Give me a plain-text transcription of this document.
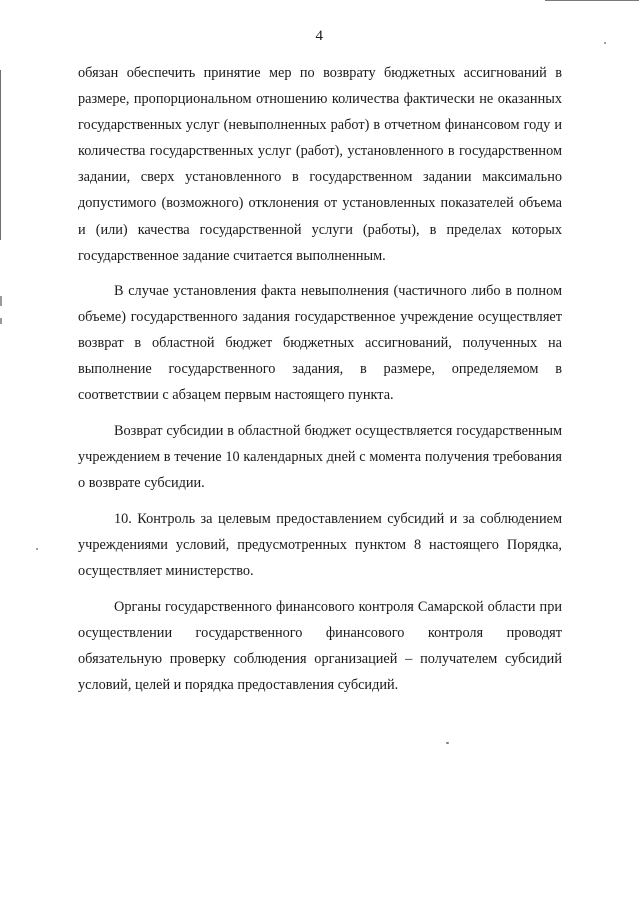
4

обязан обеспечить принятие мер по возврату бюджетных ассигнований в размере, пропорциональном отношению количества фактически не оказанных государственных услуг (невыполненных работ) в отчетном финансовом году и количества государственных услуг (работ), установленного в государственном задании, сверх установленного в государственном задании максимально допустимого (возможного) отклонения от установленных показателей объема и (или) качества государственной услуги (работы), в пределах которых государственное задание считается выполненным.

В случае установления факта невыполнения (частичного либо в полном объеме) государственного задания государственное учреждение осуществляет возврат в областной бюджет бюджетных ассигнований, полученных на выполнение государственного задания, в размере, определяемом в соответствии с абзацем первым настоящего пункта.

Возврат субсидии в областной бюджет осуществляется государственным учреждением в течение 10 календарных дней с момента получения требования о возврате субсидии.

10. Контроль за целевым предоставлением субсидий и за соблюдением учреждениями условий, предусмотренных пунктом 8 настоящего Порядка, осуществляет министерство.

Органы государственного финансового контроля Самарской области при осуществлении государственного финансового контроля проводят обязательную проверку соблюдения организацией – получателем субсидий условий, целей и порядка предоставления субсидий.
